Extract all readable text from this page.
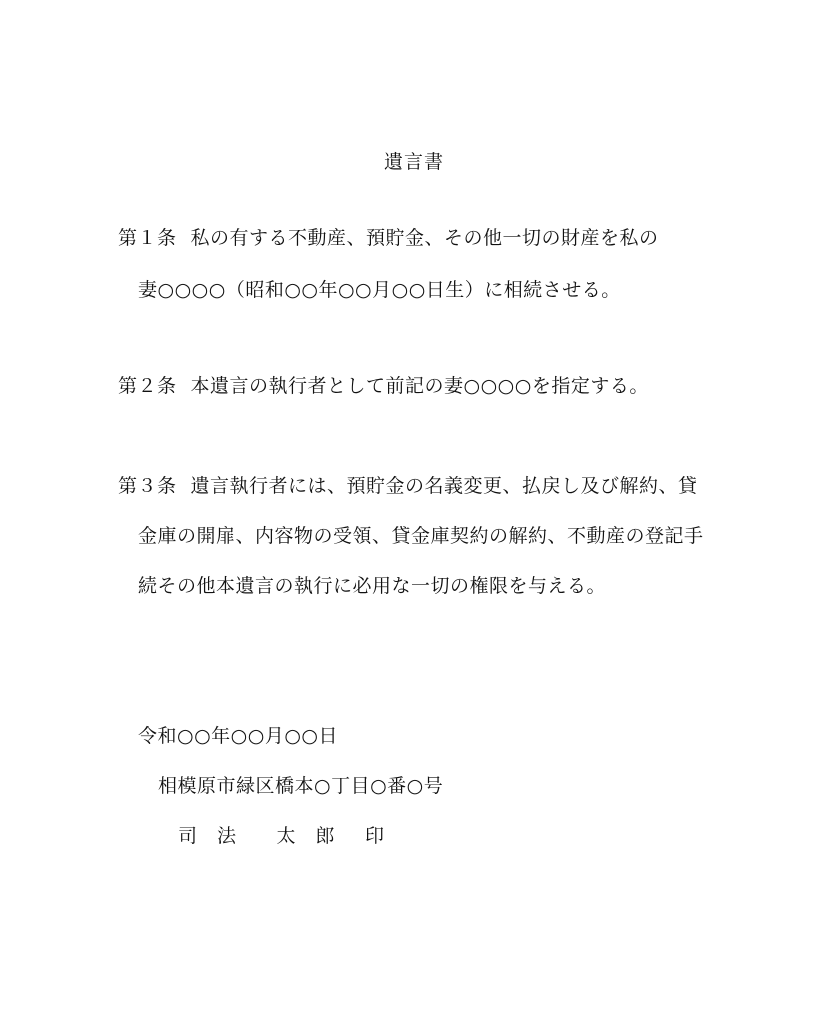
遺言書
第１条 私の有する不動産、預貯金、その他一切の財産を私の
妻○○○○（昭和○○年○○月○○日生）に相続させる。
第２条 本遺言の執行者として前記の妻○○○○を指定する。
第３条 遺言執行者には、預貯金の名義変更、払戻し及び解約、貸
金庫の開扉、内容物の受領、貸金庫契約の解約、不動産の登記手
続その他本遺言の執行に必用な一切の権限を与える。
令和○○年○○月○○日
相模原市緑区橋本○丁目○番○号
司　法 太　郎 印
